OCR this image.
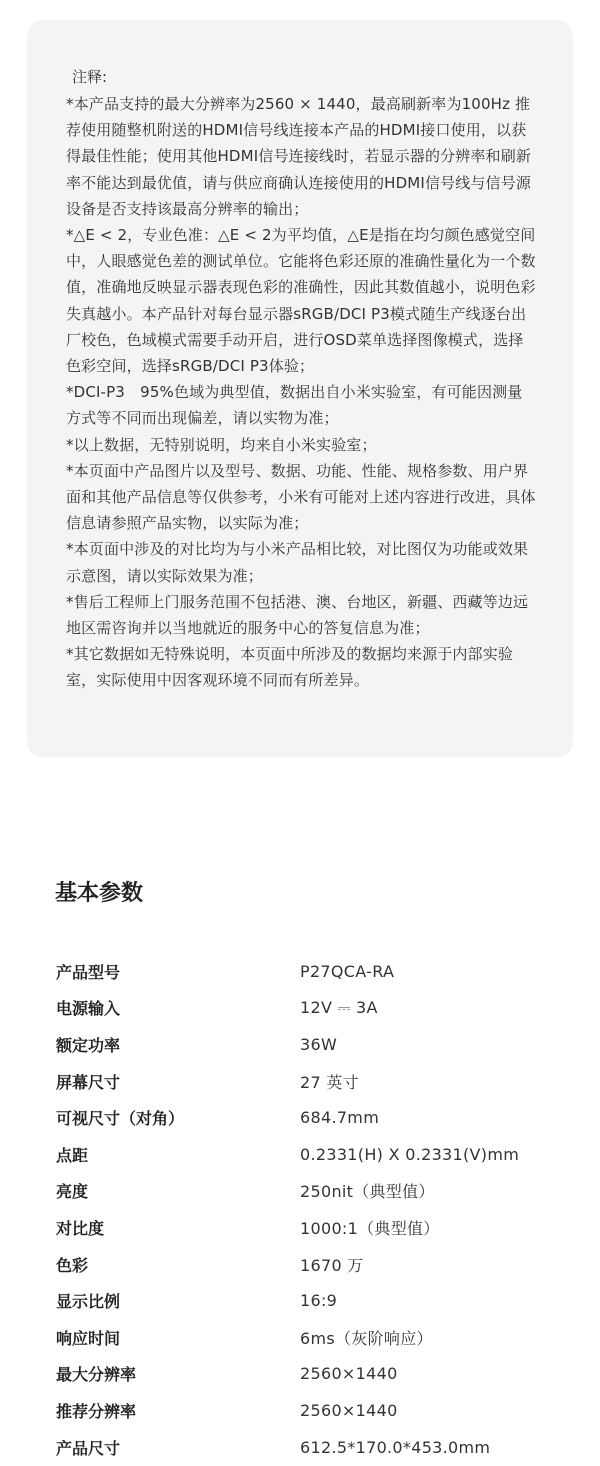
注释:
*本产品支持的最大分辨率为2560 × 1440，最高刷新率为100Hz 推荐使用随整机附送的HDMI信号线连接本产品的HDMI接口使用，以获得最佳性能；使用其他HDMI信号连接线时，若显示器的分辨率和刷新率不能达到最优值，请与供应商确认连接使用的HDMI信号线与信号源设备是否支持该最高分辨率的输出；
*△E < 2，专业色准：△E < 2为平均值，△E是指在均匀颜色感觉空间中，人眼感觉色差的测试单位。它能将色彩还原的准确性量化为一个数值，准确地反映显示器表现色彩的准确性，因此其数值越小，说明色彩失真越小。本产品针对每台显示器sRGB/DCI P3模式随生产线逐台出厂校色，色域模式需要手动开启，进行OSD菜单选择图像模式，选择色彩空间，选择sRGB/DCI P3体验；
*DCI-P3　95%色域为典型值，数据出自小米实验室，有可能因测量方式等不同而出现偏差，请以实物为准；
*以上数据，无特别说明，均来自小米实验室；
*本页面中产品图片以及型号、数据、功能、性能、规格参数、用户界面和其他产品信息等仅供参考，小米有可能对上述内容进行改进，具体信息请参照产品实物，以实际为准；
*本页面中涉及的对比均为与小米产品相比较，对比图仅为功能或效果示意图，请以实际效果为准；
*售后工程师上门服务范围不包括港、澳、台地区，新疆、西藏等边远地区需咨询并以当地就近的服务中心的答复信息为准；
*其它数据如无特殊说明，本页面中所涉及的数据均来源于内部实验室，实际使用中因客观环境不同而有所差异。
基本参数
产品型号	P27QCA-RA
电源输入	12V ⎓ 3A
额定功率	36W
屏幕尺寸	27 英寸
可视尺寸（对角）	684.7mm
点距	0.2331(H) X 0.2331(V)mm
亮度	250nit（典型值）
对比度	1000:1（典型值）
色彩	1670 万
显示比例	16:9
响应时间	6ms（灰阶响应）
最大分辨率	2560×1440
推荐分辨率	2560×1440
产品尺寸	612.5*170.0*453.0mm
